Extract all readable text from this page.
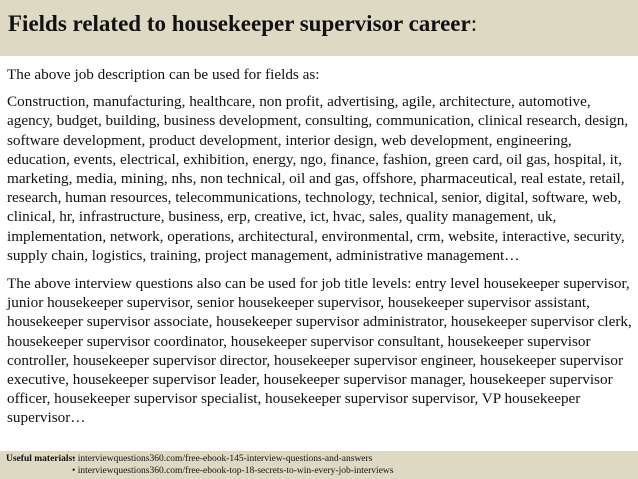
Fields related to housekeeper supervisor career:

The above job description can be used for fields as:

Construction, manufacturing, healthcare, non profit, advertising, agile, architecture, automotive, agency, budget, building, business development, consulting, communication, clinical research, design, software development, product development, interior design, web development, engineering, education, events, electrical, exhibition, energy, ngo, finance, fashion, green card, oil gas, hospital, it, marketing, media, mining, nhs, non technical, oil and gas, offshore, pharmaceutical, real estate, retail, research, human resources, telecommunications, technology, technical, senior, digital, software, web, clinical, hr, infrastructure, business, erp, creative, ict, hvac, sales, quality management, uk, implementation, network, operations, architectural, environmental, crm, website, interactive, security, supply chain, logistics, training, project management, administrative management…

The above interview questions also can be used for job title levels: entry level housekeeper supervisor, junior housekeeper supervisor, senior housekeeper supervisor, housekeeper supervisor assistant, housekeeper supervisor associate, housekeeper supervisor administrator, housekeeper supervisor clerk, housekeeper supervisor coordinator, housekeeper supervisor consultant, housekeeper supervisor controller, housekeeper supervisor director, housekeeper supervisor engineer, housekeeper supervisor executive, housekeeper supervisor leader, housekeeper supervisor manager, housekeeper supervisor officer, housekeeper supervisor specialist, housekeeper supervisor supervisor, VP housekeeper supervisor…

Useful materials:
• interviewquestions360.com/free-ebook-145-interview-questions-and-answers
• interviewquestions360.com/free-ebook-top-18-secrets-to-win-every-job-interviews
